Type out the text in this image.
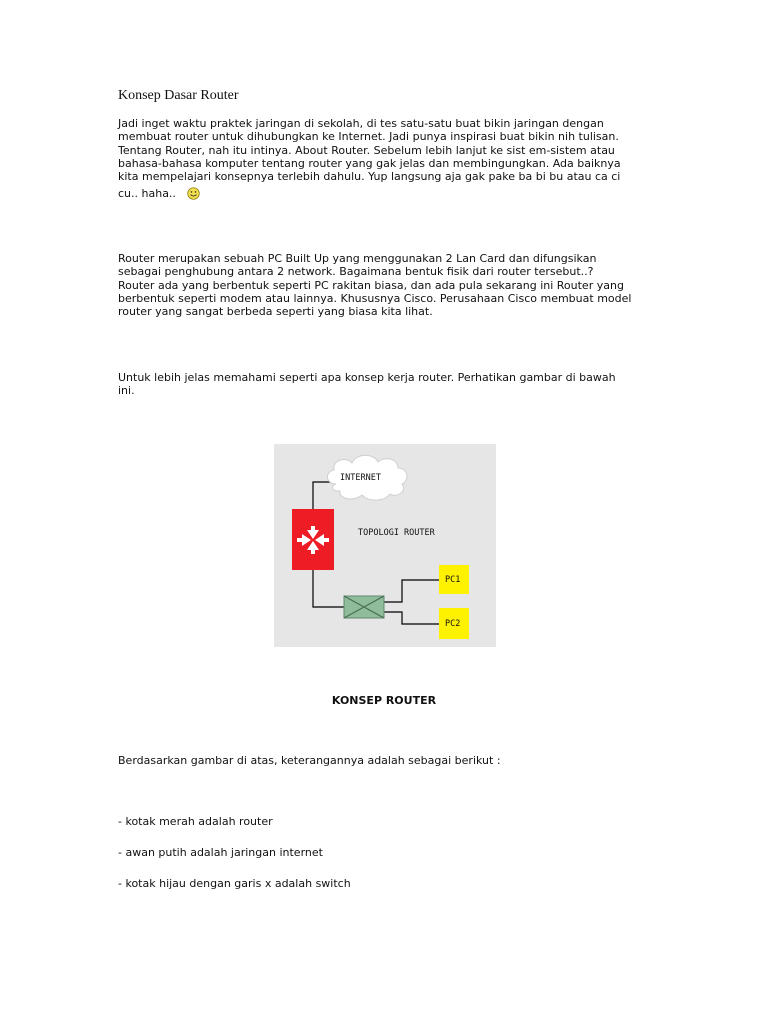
Konsep Dasar Router
Jadi inget waktu praktek jaringan di sekolah, di tes satu-satu buat bikin jaringan dengan
membuat router untuk dihubungkan ke Internet. Jadi punya inspirasi buat bikin nih tulisan.
Tentang Router, nah itu intinya. About Router. Sebelum lebih lanjut ke sist em-sistem atau
bahasa-bahasa komputer tentang router yang gak jelas dan membingungkan. Ada baiknya
kita mempelajari konsepnya terlebih dahulu. Yup langsung aja gak pake ba bi bu atau ca ci
cu.. haha..
Router merupakan sebuah PC Built Up yang menggunakan 2 Lan Card dan difungsikan
sebagai penghubung antara 2 network. Bagaimana bentuk fisik dari router tersebut..?
Router ada yang berbentuk seperti PC rakitan biasa, dan ada pula sekarang ini Router yang
berbentuk seperti modem atau lainnya. Khususnya Cisco. Perusahaan Cisco membuat model
router yang sangat berbeda seperti yang biasa kita lihat.
Untuk lebih jelas memahami seperti apa konsep kerja router. Perhatikan gambar di bawah
ini.
INTERNET
TOPOLOGI ROUTER
PC1
PC2
KONSEP ROUTER
Berdasarkan gambar di atas, keterangannya adalah sebagai berikut :
- kotak merah adalah router
- awan putih adalah jaringan internet
- kotak hijau dengan garis x adalah switch
